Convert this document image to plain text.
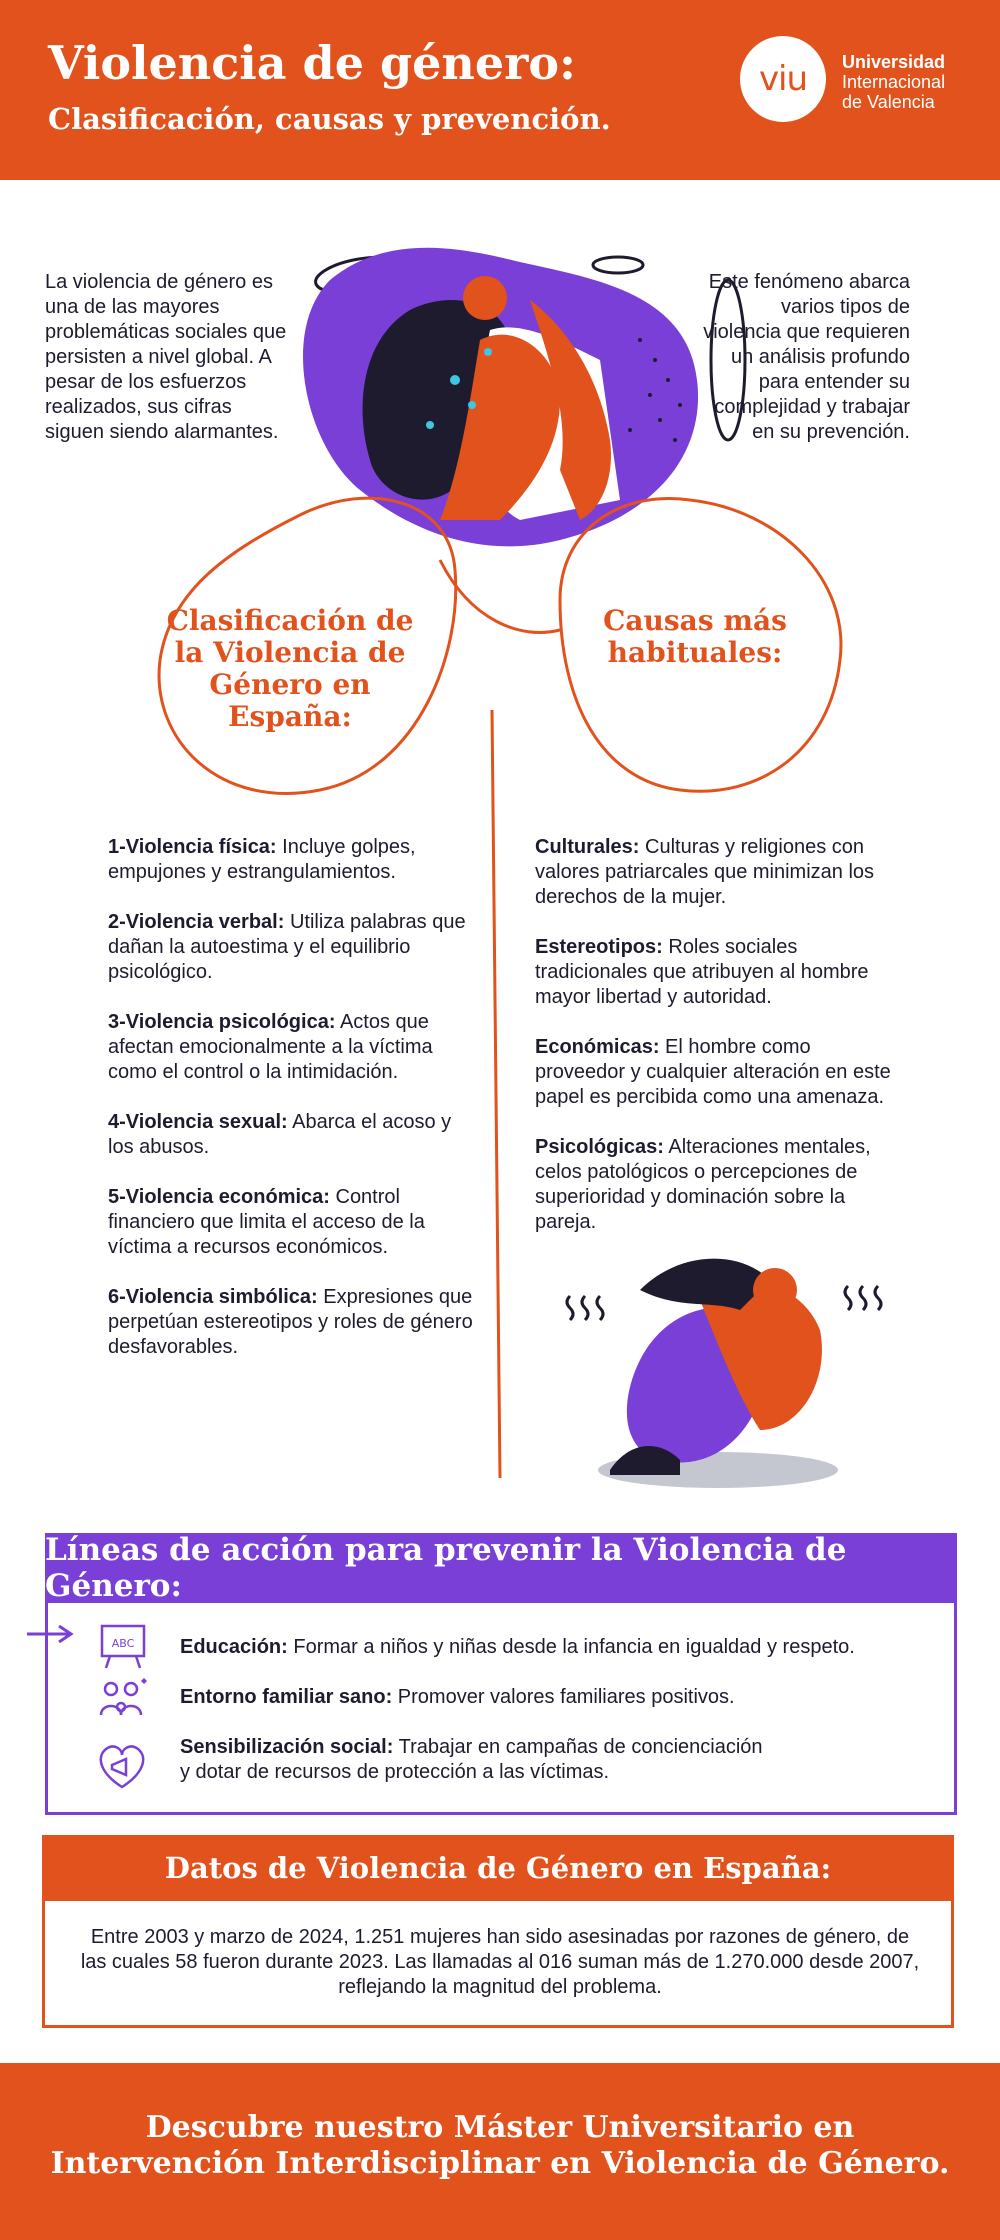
Violencia de género:
Clasificación, causas y prevención.
viu Universidad
Internacional
de Valencia
La violencia de género es una de las mayores problemáticas sociales que persisten a nivel global. A pesar de los esfuerzos realizados, sus cifras siguen siendo alarmantes.
Este fenómeno abarca varios tipos de violencia que requieren un análisis profundo para entender su complejidad y trabajar en su prevención.
Clasificación de la Violencia de Género en España:
Causas más habituales:
1-Violencia física: Incluye golpes, empujones y estrangulamientos.
2-Violencia verbal: Utiliza palabras que dañan la autoestima y el equilibrio psicológico.
3-Violencia psicológica: Actos que afectan emocionalmente a la víctima como el control o la intimidación.
4-Violencia sexual: Abarca el acoso y los abusos.
5-Violencia económica: Control financiero que limita el acceso de la víctima a recursos económicos.
6-Violencia simbólica: Expresiones que perpetúan estereotipos y roles de género desfavorables.
Culturales: Culturas y religiones con valores patriarcales que minimizan los derechos de la mujer.
Estereotipos: Roles sociales tradicionales que atribuyen al hombre mayor libertad y autoridad.
Económicas: El hombre como proveedor y cualquier alteración en este papel es percibida como una amenaza.
Psicológicas: Alteraciones mentales, celos patológicos o percepciones de superioridad y dominación sobre la pareja.
Líneas de acción para prevenir la Violencia de Género:
ABC Educación: Formar a niños y niñas desde la infancia en igualdad y respeto.
Entorno familiar sano: Promover valores familiares positivos.
Sensibilización social: Trabajar en campañas de concienciación
y dotar de recursos de protección a las víctimas.
Datos de Violencia de Género en España:
Entre 2003 y marzo de 2024, 1.251 mujeres han sido asesinadas por razones de género, de las cuales 58 fueron durante 2023. Las llamadas al 016 suman más de 1.270.000 desde 2007, reflejando la magnitud del problema.
Descubre nuestro Máster Universitario en Intervención Interdisciplinar en Violencia de Género.
